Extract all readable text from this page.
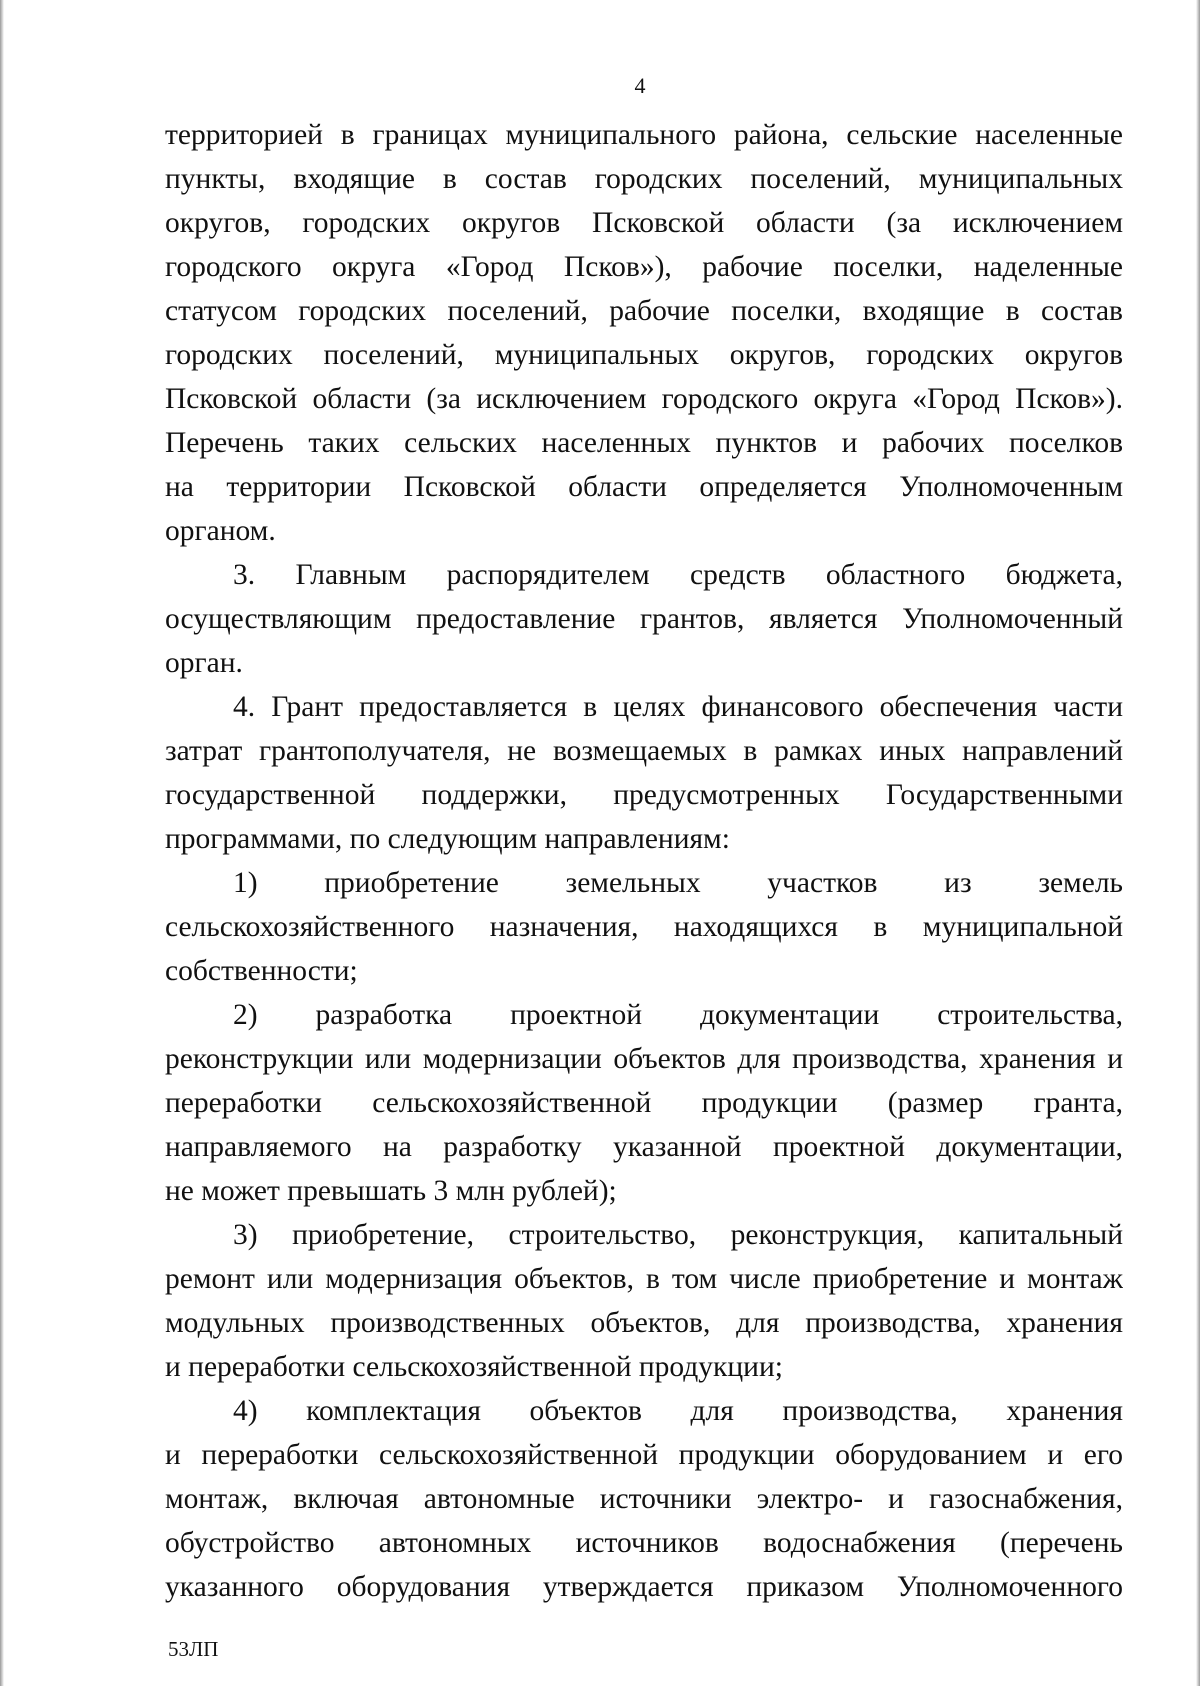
4
территорией в границах муниципального района, сельские населенные
пункты, входящие в состав городских поселений, муниципальных
округов, городских округов Псковской области (за исключением
городского округа «Город Псков»), рабочие поселки, наделенные
статусом городских поселений, рабочие поселки, входящие в состав
городских поселений, муниципальных округов, городских округов
Псковской области (за исключением городского округа «Город Псков»).
Перечень таких сельских населенных пунктов и рабочих поселков
на территории Псковской области определяется Уполномоченным
органом.
3. Главным распорядителем средств областного бюджета,
осуществляющим предоставление грантов, является Уполномоченный
орган.
4. Грант предоставляется в целях финансового обеспечения части
затрат грантополучателя, не возмещаемых в рамках иных направлений
государственной поддержки, предусмотренных Государственными
программами, по следующим направлениям:
1) приобретение земельных участков из земель
сельскохозяйственного назначения, находящихся в муниципальной
собственности;
2) разработка проектной документации строительства,
реконструкции или модернизации объектов для производства, хранения и
переработки сельскохозяйственной продукции (размер гранта,
направляемого на разработку указанной проектной документации,
не может превышать 3 млн рублей);
3) приобретение, строительство, реконструкция, капитальный
ремонт или модернизация объектов, в том числе приобретение и монтаж
модульных производственных объектов, для производства, хранения
и переработки сельскохозяйственной продукции;
4) комплектация объектов для производства, хранения
и переработки сельскохозяйственной продукции оборудованием и его
монтаж, включая автономные источники электро- и газоснабжения,
обустройство автономных источников водоснабжения (перечень
указанного оборудования утверждается приказом Уполномоченного
53ЛП
